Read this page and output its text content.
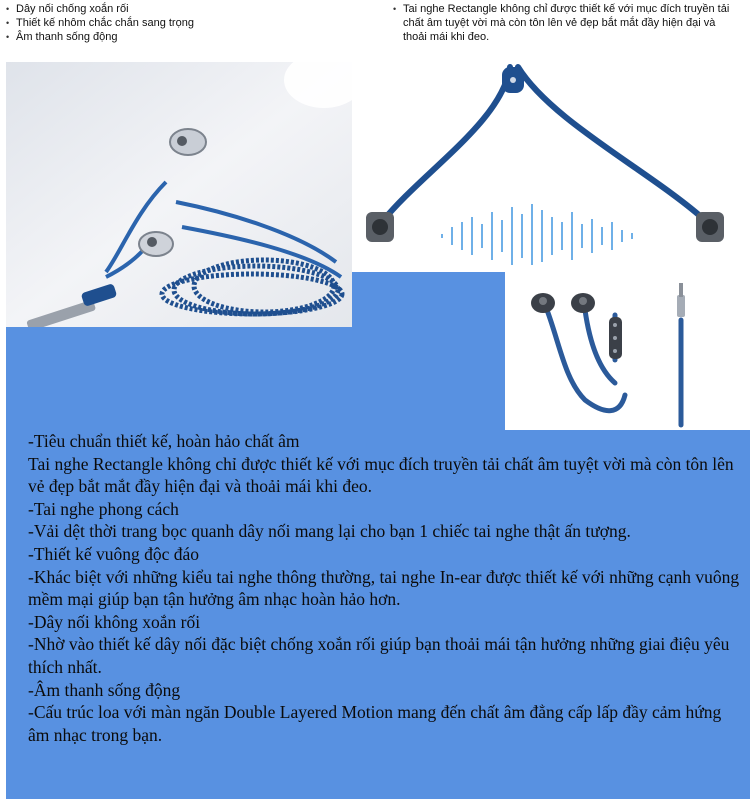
• Dây nối chống xoắn rối
• Thiết kế nhôm chắc chắn sang trọng
• Âm thanh sống động
• Tai nghe Rectangle không chỉ được thiết kế với mục đích truyền tải chất âm tuyệt vời mà còn tôn lên vẻ đẹp bắt mắt đầy hiện đại và thoải mái khi đeo.

-Tiêu chuẩn thiết kế, hoàn hảo chất âm

Tai nghe Rectangle không chỉ được thiết kế với mục đích truyền tải chất âm tuyệt vời mà còn tôn lên vẻ đẹp bắt mắt đầy hiện đại và thoải mái khi đeo.

-Tai nghe phong cách

-Vải dệt thời trang bọc quanh dây nối mang lại cho bạn 1 chiếc tai nghe thật ấn tượng.

-Thiết kế vuông độc đáo

-Khác biệt với những kiểu tai nghe thông thường, tai nghe In-ear được thiết kế với những cạnh vuông mềm mại giúp bạn tận hưởng âm nhạc hoàn hảo hơn.

-Dây nối không xoắn rối

-Nhờ vào thiết kế dây nối đặc biệt chống xoắn rối giúp bạn thoải mái tận hưởng những giai điệu yêu thích nhất.

-Âm thanh sống động

-Cấu trúc loa với màn ngăn Double Layered Motion mang đến chất âm đẳng cấp lấp đầy cảm hứng âm nhạc trong bạn.
